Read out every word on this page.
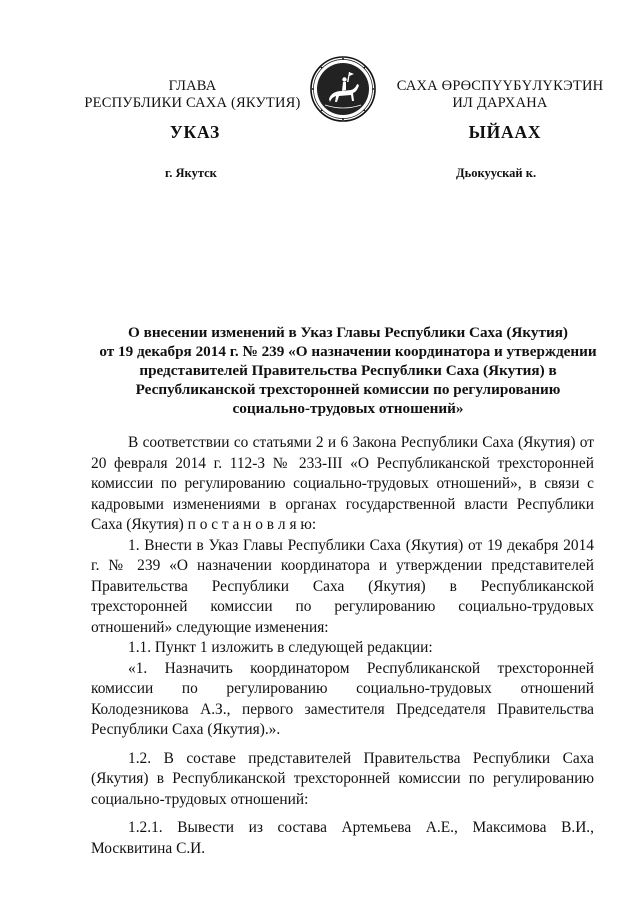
ГЛАВА
РЕСПУБЛИКИ САХА (ЯКУТИЯ)
САХА ӨРӨСПҮҮБҮЛҮКЭТИН
ИЛ ДАРХАНА
УКАЗ	ЫЙААХ
г. Якутск	Дьокуускай к.
О внесении изменений в Указ Главы Республики Саха (Якутия)
от 19 декабря 2014 г. № 239 «О назначении координатора и утверждении
представителей Правительства Республики Саха (Якутия) в
Республиканской трехсторонней комиссии по регулированию
социально-трудовых отношений»
В соответствии со статьями 2 и 6 Закона Республики Саха (Якутия) от 20 февраля 2014 г. 112-З № 233-III «О Республиканской трехсторонней комиссии по регулированию социально-трудовых отношений», в связи с кадровыми изменениями в органах государственной власти Республики Саха (Якутия) п о с т а н о в л я ю:
1. Внести в Указ Главы Республики Саха (Якутия) от 19 декабря 2014 г. № 239 «О назначении координатора и утверждении представителей Правительства Республики Саха (Якутия) в Республиканской трехсторонней комиссии по регулированию социально-трудовых отношений» следующие изменения:
1.1. Пункт 1 изложить в следующей редакции:
«1. Назначить координатором Республиканской трехсторонней комиссии по регулированию социально-трудовых отношений Колодезникова А.З., первого заместителя Председателя Правительства Республики Саха (Якутия).».
1.2. В составе представителей Правительства Республики Саха (Якутия) в Республиканской трехсторонней комиссии по регулированию социально-трудовых отношений:
1.2.1. Вывести из состава Артемьева А.Е., Максимова В.И., Москвитина С.И.
